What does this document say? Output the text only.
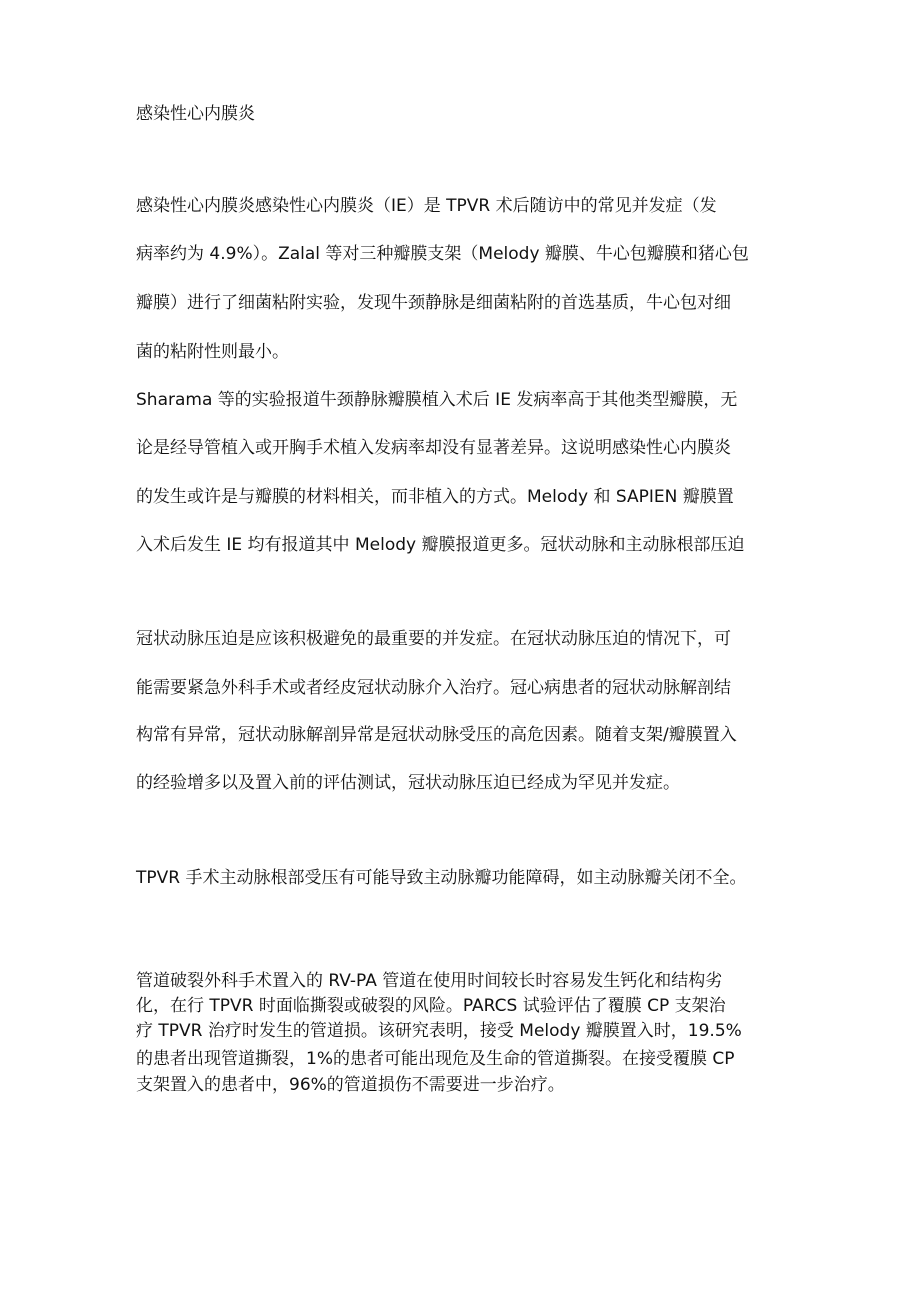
感染性心内膜炎
感染性心内膜炎感染性心内膜炎（IE）是 TPVR 术后随访中的常见并发症（发
病率约为 4.9%）。Zalal 等对三种瓣膜支架（Melody 瓣膜、牛心包瓣膜和猪心包
瓣膜）进行了细菌粘附实验，发现牛颈静脉是细菌粘附的首选基质，牛心包对细
菌的粘附性则最小。
Sharama 等的实验报道牛颈静脉瓣膜植入术后 IE 发病率高于其他类型瓣膜，无
论是经导管植入或开胸手术植入发病率却没有显著差异。这说明感染性心内膜炎
的发生或许是与瓣膜的材料相关，而非植入的方式。Melody 和 SAPIEN 瓣膜置
入术后发生 IE 均有报道其中 Melody 瓣膜报道更多。冠状动脉和主动脉根部压迫
冠状动脉压迫是应该积极避免的最重要的并发症。在冠状动脉压迫的情况下，可
能需要紧急外科手术或者经皮冠状动脉介入治疗。冠心病患者的冠状动脉解剖结
构常有异常，冠状动脉解剖异常是冠状动脉受压的高危因素。随着支架/瓣膜置入
的经验增多以及置入前的评估测试，冠状动脉压迫已经成为罕见并发症。
TPVR 手术主动脉根部受压有可能导致主动脉瓣功能障碍，如主动脉瓣关闭不全。
管道破裂外科手术置入的 RV-PA 管道在使用时间较长时容易发生钙化和结构劣
化，在行 TPVR 时面临撕裂或破裂的风险。PARCS 试验评估了覆膜 CP 支架治
疗 TPVR 治疗时发生的管道损。该研究表明，接受 Melody 瓣膜置入时，19.5%
的患者出现管道撕裂，1%的患者可能出现危及生命的管道撕裂。在接受覆膜 CP
支架置入的患者中，96%的管道损伤不需要进一步治疗。
